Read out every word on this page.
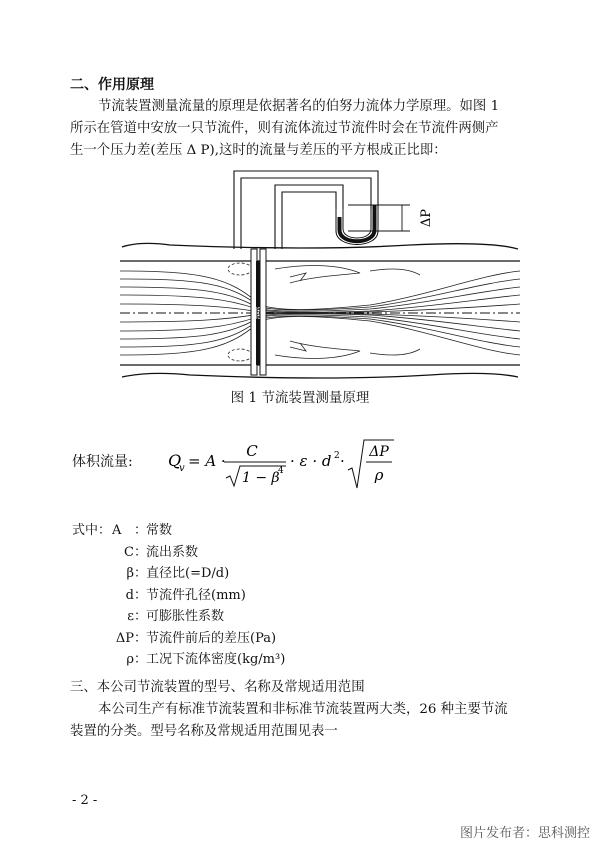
二、作用原理
节流装置测量流量的原理是依据著名的伯努力流体力学原理。如图 1
所示在管道中安放一只节流件，则有流体流过节流件时会在节流件两侧产
生一个压力差(差压 Δ P),这时的流量与差压的平方根成正比即：
ΔP
图 1 节流装置测量原理
体积流量: Q
v = A ·
C
1 − β
4
· ε · d 2 · ΔP
ρ
式中： A ：
常数
C ：
流出系数
β ：
直径比(=D/d)
d ：
节流件孔径(mm)
ε ：
可膨胀性系数
ΔP ：
节流件前后的差压(Pa)
ρ ：
工况下流体密度(kg/m³)
三、本公司节流装置的型号、名称及常规适用范围
本公司生产有标准节流装置和非标准节流装置两大类，26 种主要节流
装置的分类。型号名称及常规适用范围见表一
- 2 -
图片发布者：思科测控
